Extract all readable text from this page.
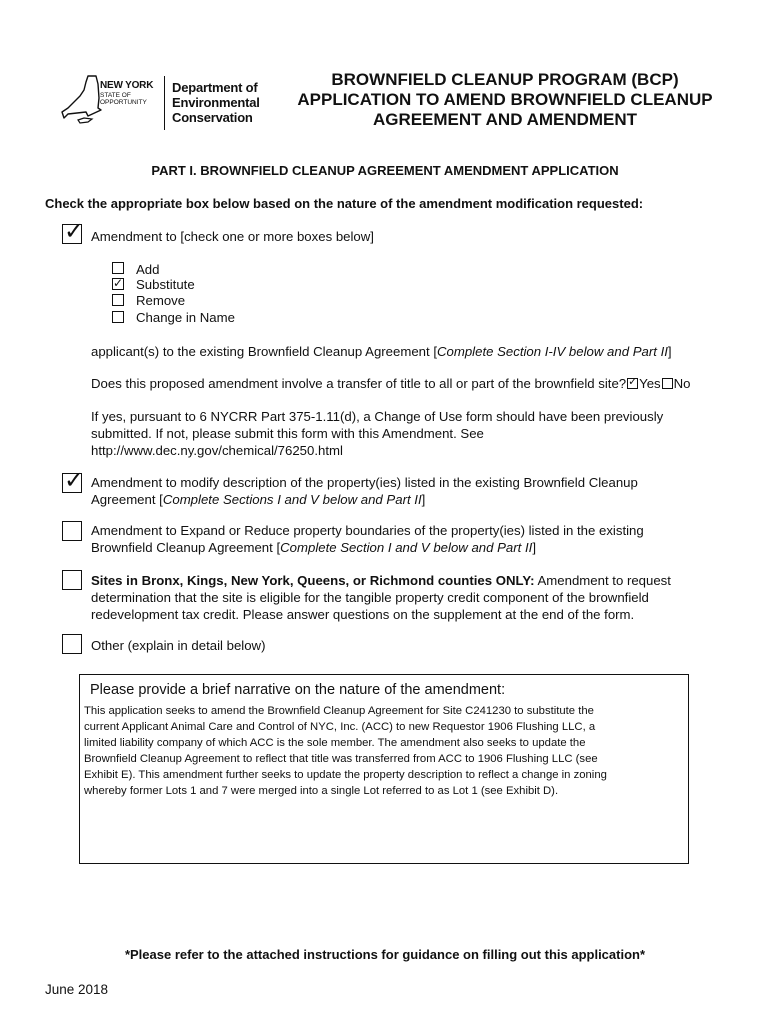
NEW YORK
STATE OF
OPPORTUNITY
Department of
Environmental
Conservation
BROWNFIELD CLEANUP PROGRAM (BCP)
APPLICATION TO AMEND BROWNFIELD CLEANUP
AGREEMENT AND AMENDMENT
PART I. BROWNFIELD CLEANUP AGREEMENT AMENDMENT APPLICATION
Check the appropriate box below based on the nature of the amendment modification requested:
✓ Amendment to [check one or more boxes below]
Add
✓ Substitute
Remove
Change in Name
applicant(s) to the existing Brownfield Cleanup Agreement [Complete Section I-IV below and Part II]
Does this proposed amendment involve a transfer of title to all or part of the brownfield site? ✓ Yes No
If yes, pursuant to 6 NYCRR Part 375-1.11(d), a Change of Use form should have been previously
submitted. If not, please submit this form with this Amendment. See
http://www.dec.ny.gov/chemical/76250.html
✓ Amendment to modify description of the property(ies) listed in the existing Brownfield Cleanup
Agreement [Complete Sections I and V below and Part II]
Amendment to Expand or Reduce property boundaries of the property(ies) listed in the existing
Brownfield Cleanup Agreement [Complete Section I and V below and Part II]
Sites in Bronx, Kings, New York, Queens, or Richmond counties ONLY: Amendment to request
determination that the site is eligible for the tangible property credit component of the brownfield
redevelopment tax credit. Please answer questions on the supplement at the end of the form.
Other (explain in detail below)
Please provide a brief narrative on the nature of the amendment:
This application seeks to amend the Brownfield Cleanup Agreement for Site C241230 to substitute the
current Applicant Animal Care and Control of NYC, Inc. (ACC) to new Requestor 1906 Flushing LLC, a
limited liability company of which ACC is the sole member. The amendment also seeks to update the
Brownfield Cleanup Agreement to reflect that title was transferred from ACC to 1906 Flushing LLC (see
Exhibit E). This amendment further seeks to update the property description to reflect a change in zoning
whereby former Lots 1 and 7 were merged into a single Lot referred to as Lot 1 (see Exhibit D).
*Please refer to the attached instructions for guidance on filling out this application*
June 2018
